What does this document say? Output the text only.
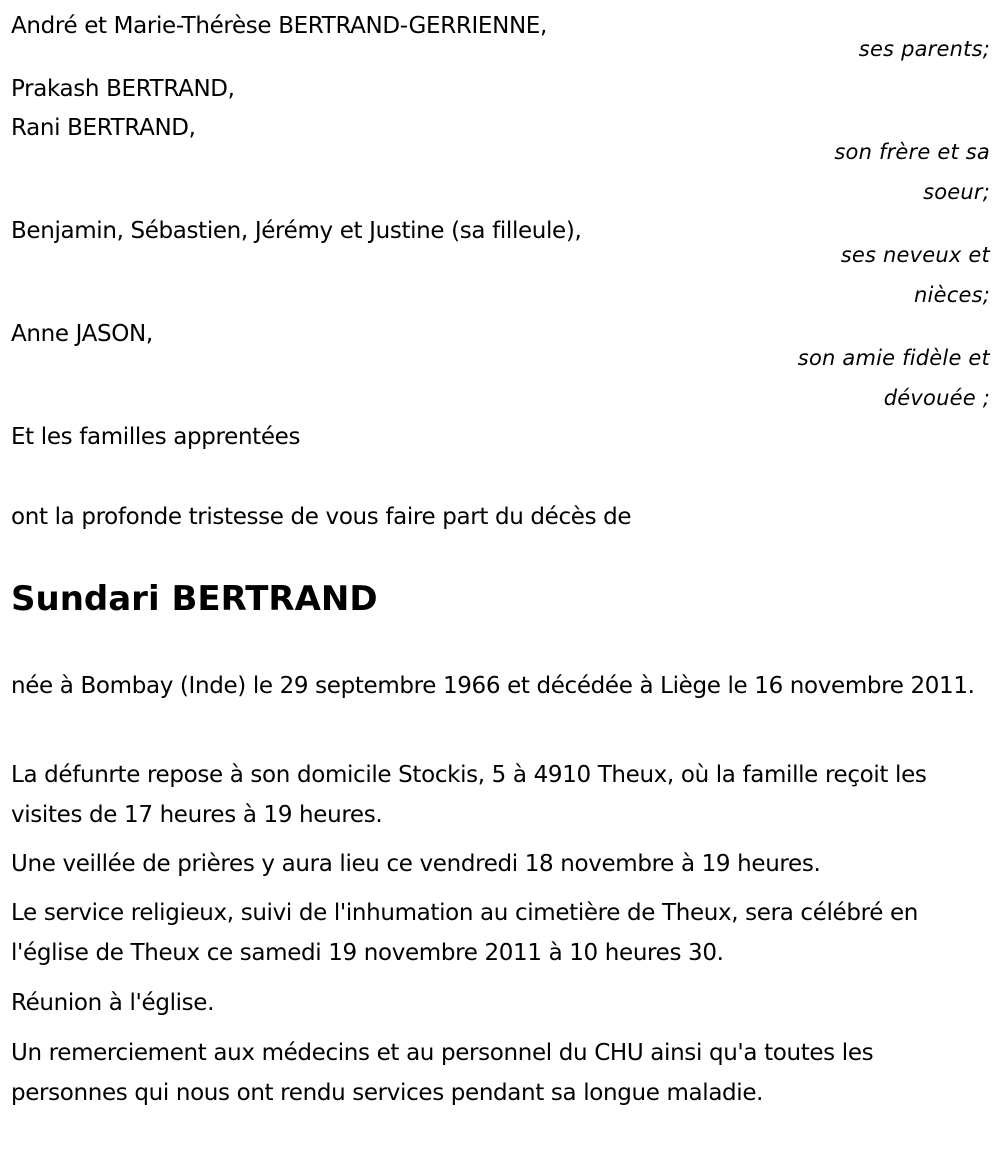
André et Marie-Thérèse BERTRAND-GERRIENNE,
ses parents;
Prakash BERTRAND,
Rani BERTRAND,
son frère et sa
soeur;
Benjamin, Sébastien, Jérémy et Justine (sa filleule),
ses neveux et
nièces;
Anne JASON,
son amie fidèle et
dévouée ;
Et les familles apprentées
ont la profonde tristesse de vous faire part du décès de
Sundari BERTRAND
née à Bombay (Inde) le 29 septembre 1966 et décédée à Liège le 16 novembre 2011.
La défunrte repose à son domicile Stockis, 5 à 4910 Theux, où la famille reçoit les visites de 17 heures à 19 heures.
Une veillée de prières y aura lieu ce vendredi 18 novembre à 19 heures.
Le service religieux, suivi de l'inhumation au cimetière de Theux, sera célébré en l'église de Theux ce samedi 19 novembre 2011 à 10 heures 30.
Réunion à l'église.
Un remerciement aux médecins et au personnel du CHU ainsi qu'a toutes les personnes qui nous ont rendu services pendant sa longue maladie.
